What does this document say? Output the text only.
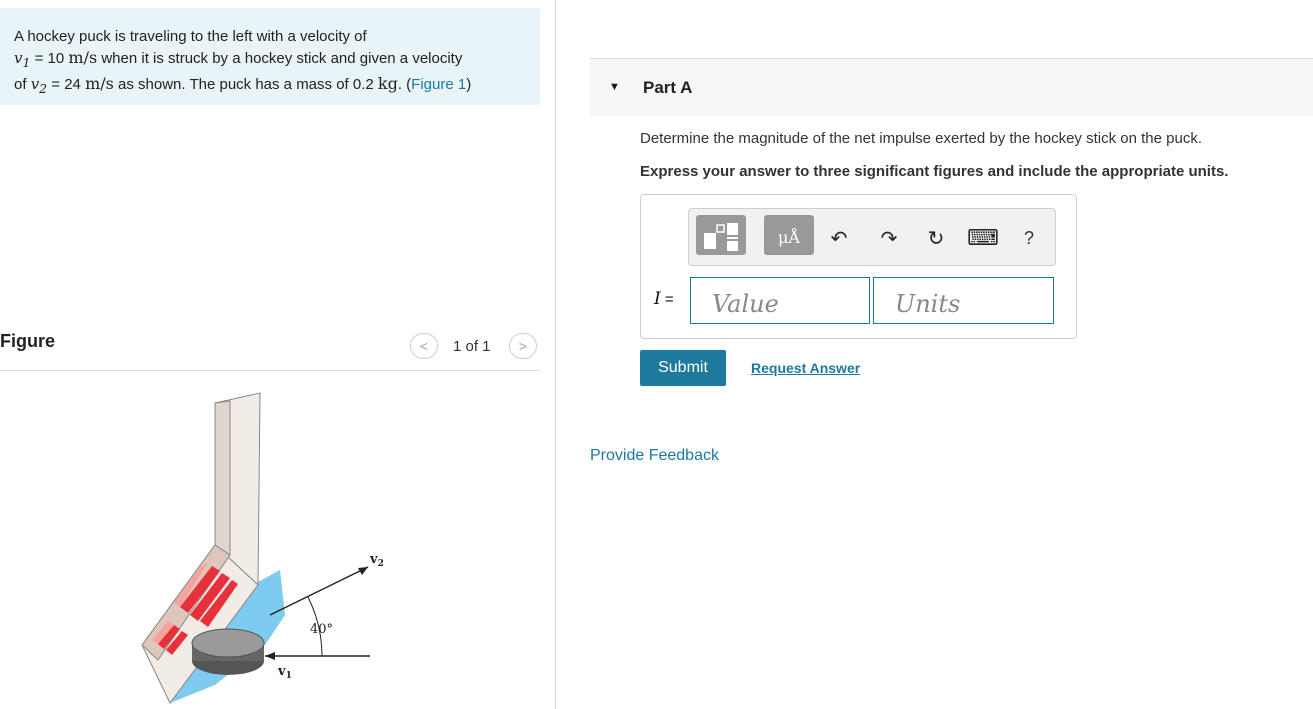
A hockey puck is traveling to the left with a velocity of
$v_1 = 10$ m/s when it is struck by a hockey stick and given a velocity
of $v_2 = 24$ m/s as shown. The puck has a mass of 0.2 kg. (Figure 1)
Figure	< 1 of 1 >
$v_2$
$v_1$
40°
▼ Part A
Determine the magnitude of the net impulse exerted by the hockey stick on the puck.
Express your answer to three significant figures and include the appropriate units.
μÅ	↶ ↷ ↻ ⌨ ?
I =
Value
Units
Submit	Request Answer
Provide Feedback
